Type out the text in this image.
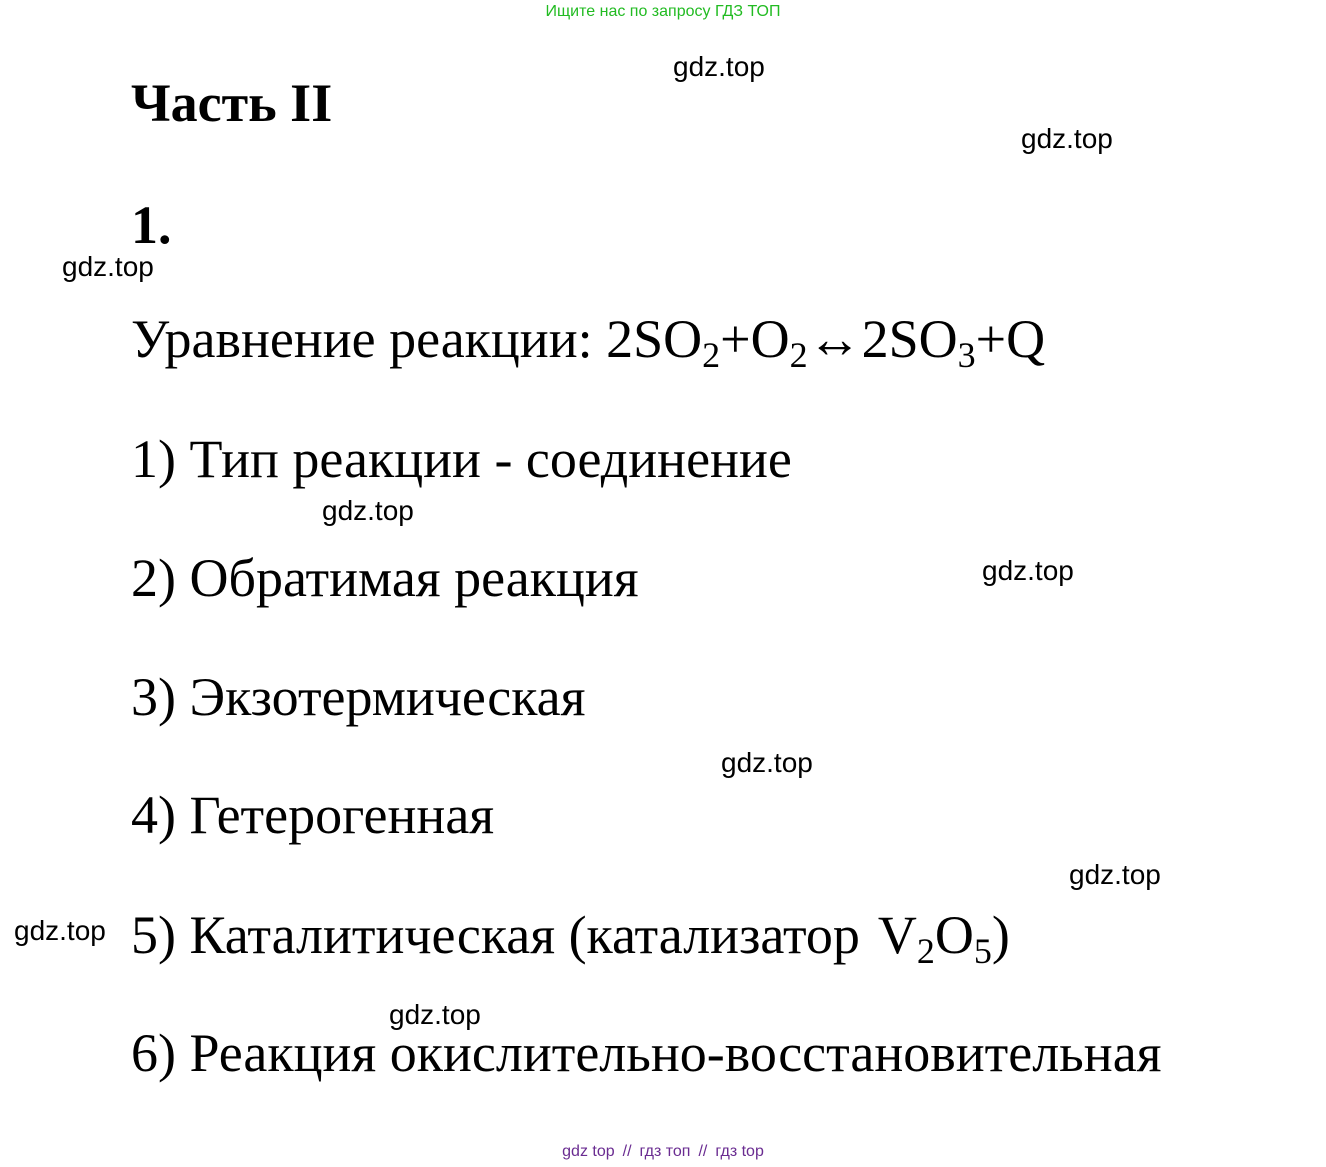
Ищите нас по запросу ГДЗ ТОП
Часть II
1.
Уравнение реакции: $2SO_2+O_2\leftrightarrow 2SO_3+Q$
1) Тип реакции - соединение
2) Обратимая реакция
3) Экзотермическая
4) Гетерогенная
5) Каталитическая (катализатор $V_2O_5$)
6) Реакция окислительно-восстановительная
gdz.top
gdz.top
gdz.top
gdz.top
gdz.top
gdz.top
gdz.top
gdz.top
gdz.top
gdz top // гдз топ // гдз top
